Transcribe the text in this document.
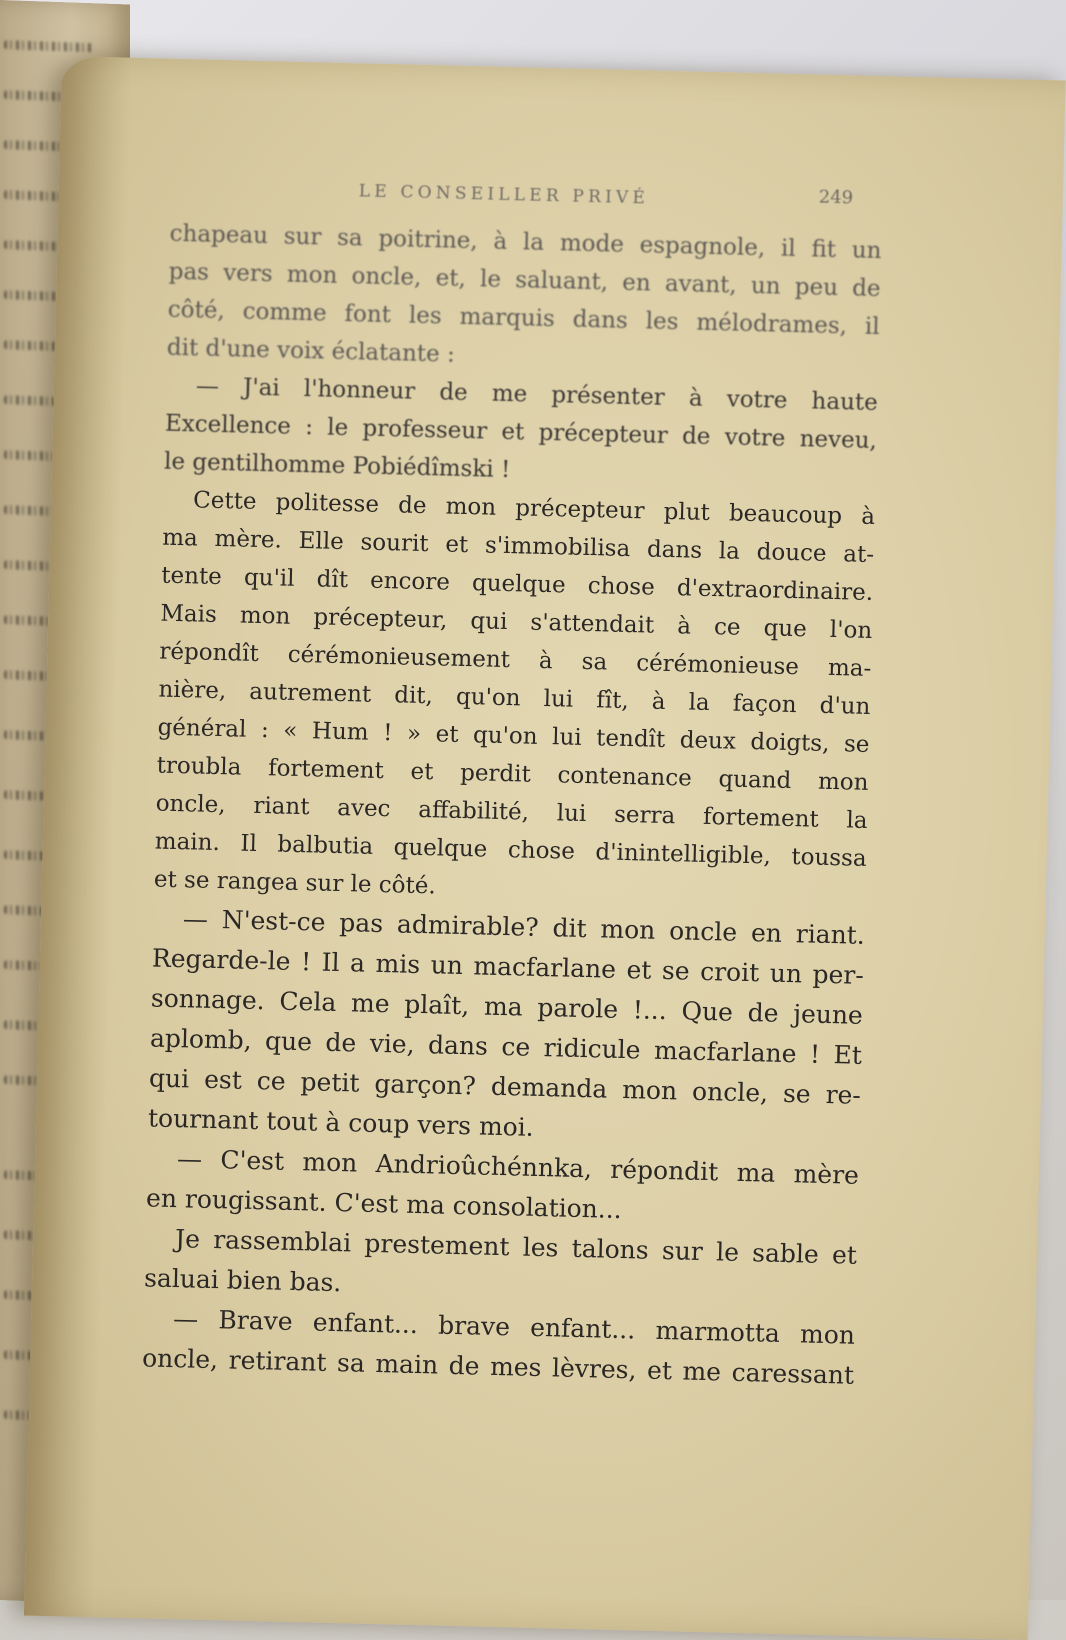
LE CONSEILLER PRIVÉ	249
chapeau sur sa poitrine, à la mode espagnole, il fit un
pas vers mon oncle, et, le saluant, en avant, un peu de
côté, comme font les marquis dans les mélodrames, il
dit d'une voix éclatante :
— J'ai l'honneur de me présenter à votre haute
Excellence : le professeur et précepteur de votre neveu,
le gentilhomme Pobiédîmski !
Cette politesse de mon précepteur plut beaucoup à
ma mère. Elle sourit et s'immobilisa dans la douce at-
tente qu'il dît encore quelque chose d'extraordinaire.
Mais mon précepteur, qui s'attendait à ce que l'on
répondît cérémonieusement à sa cérémonieuse ma-
nière, autrement dit, qu'on lui fît, à la façon d'un
général : « Hum ! » et qu'on lui tendît deux doigts, se
troubla fortement et perdit contenance quand mon
oncle, riant avec affabilité, lui serra fortement la
main. Il balbutia quelque chose d'inintelligible, toussa
et se rangea sur le côté.
— N'est-ce pas admirable? dit mon oncle en riant.
Regarde-le ! Il a mis un macfarlane et se croit un per-
sonnage. Cela me plaît, ma parole !... Que de jeune
aplomb, que de vie, dans ce ridicule macfarlane ! Et
qui est ce petit garçon? demanda mon oncle, se re-
tournant tout à coup vers moi.
— C'est mon Andrioûchénnka, répondit ma mère
en rougissant. C'est ma consolation...
Je rassemblai prestement les talons sur le sable et
saluai bien bas.
— Brave enfant... brave enfant... marmotta mon
oncle, retirant sa main de mes lèvres, et me caressant
